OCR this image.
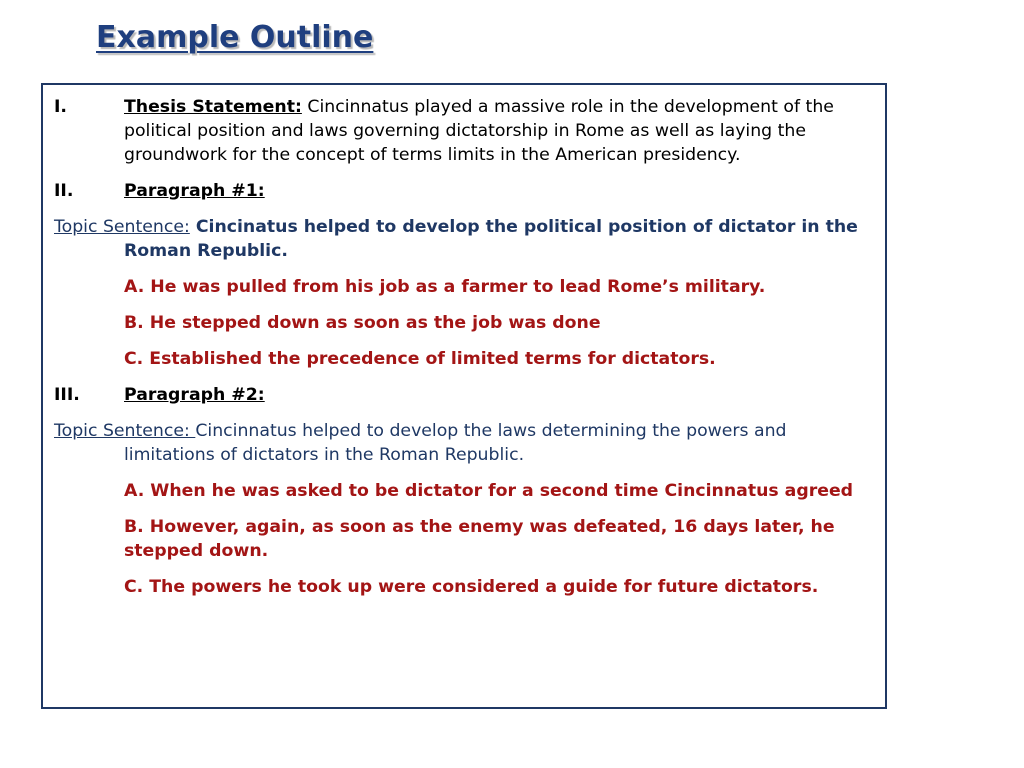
Example Outline
I.	Thesis Statement: Cincinnatus played a massive role in the development of the political position and laws governing dictatorship in Rome as well as laying the groundwork for the concept of terms limits in the American presidency.
II.	Paragraph #1:
Topic Sentence: Cincinatus helped to develop the political position of dictator in the Roman Republic.
A. He was pulled from his job as a farmer to lead Rome’s military.
B. He stepped down as soon as the job was done
C. Established the precedence of limited terms for dictators.
III.	Paragraph #2:
Topic Sentence: Cincinnatus helped to develop the laws determining the powers and limitations of dictators in the Roman Republic.
A. When he was asked to be dictator for a second time Cincinnatus agreed
B. However, again, as soon as the enemy was defeated, 16 days later, he stepped down.
C. The powers he took up were considered a guide for future dictators.
